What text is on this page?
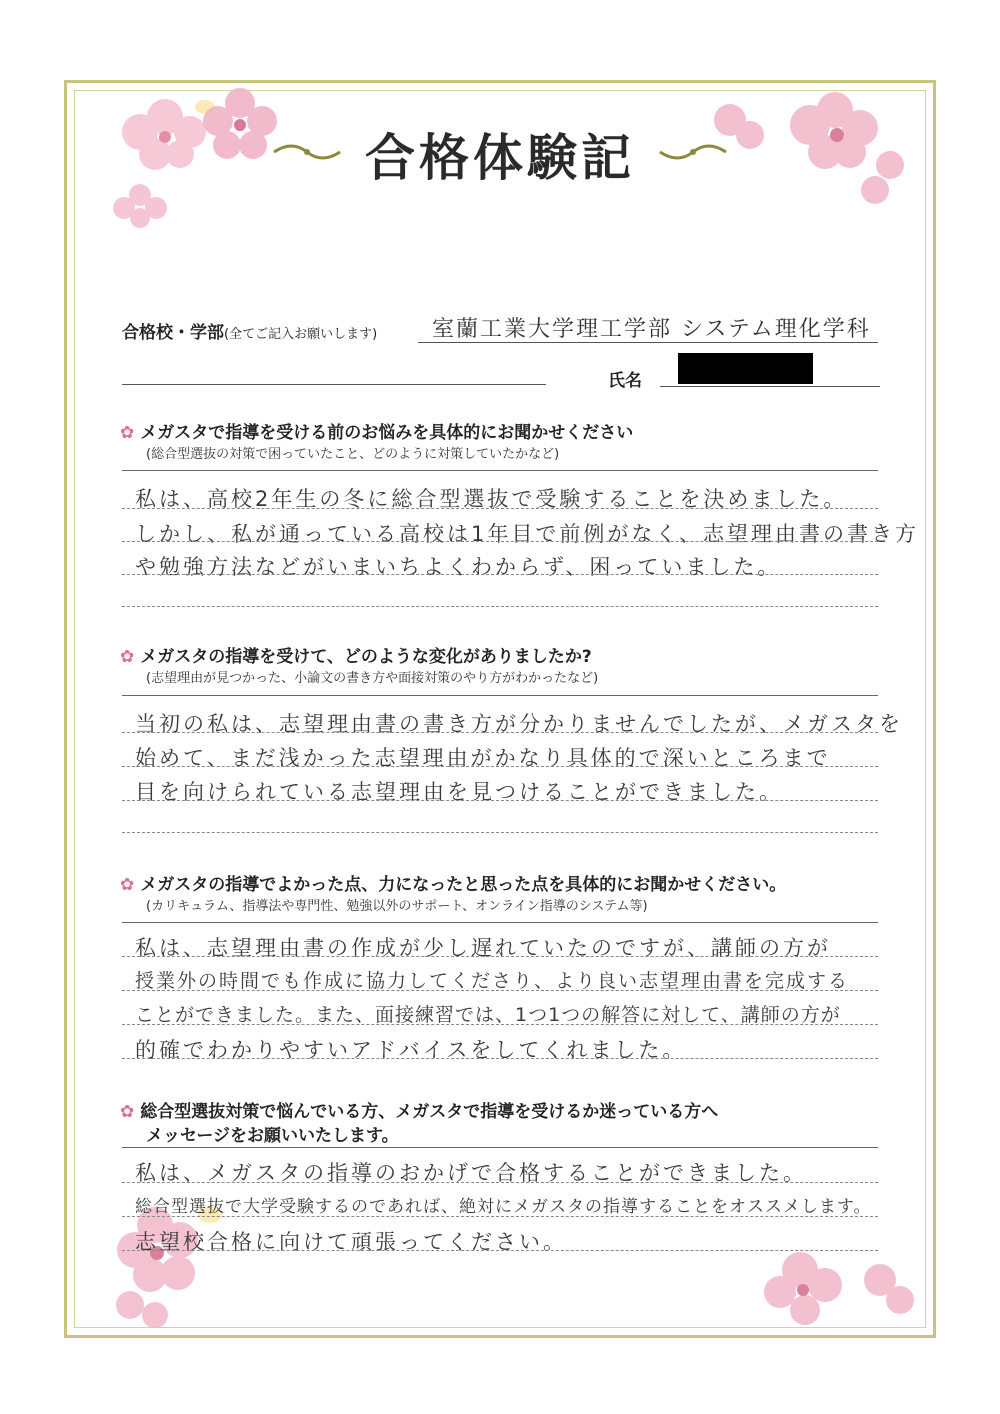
合格体験記
合格校・学部(全てご記入お願いします) 室蘭工業大学理工学部 システム理化学科
氏名
✿ メガスタで指導を受ける前のお悩みを具体的にお聞かせください
(総合型選抜の対策で困っていたこと、どのように対策していたかなど)
私は、高校2年生の冬に総合型選抜で受験することを決めました。
しかし、私が通っている高校は1年目で前例がなく、志望理由書の書き方
や勉強方法などがいまいちよくわからず、困っていました。
✿ メガスタの指導を受けて、どのような変化がありましたか?
(志望理由が見つかった、小論文の書き方や面接対策のやり方がわかったなど)
当初の私は、志望理由書の書き方が分かりませんでしたが、メガスタを
始めて、まだ浅かった志望理由がかなり具体的で深いところまで
目を向けられている志望理由を見つけることができました。
✿ メガスタの指導でよかった点、力になったと思った点を具体的にお聞かせください。
(カリキュラム、指導法や専門性、勉強以外のサポート、オンライン指導のシステム等)
私は、志望理由書の作成が少し遅れていたのですが、講師の方が
授業外の時間でも作成に協力してくださり、より良い志望理由書を完成する
ことができました。また、面接練習では、1つ1つの解答に対して、講師の方が
的確でわかりやすいアドバイスをしてくれました。
✿ 総合型選抜対策で悩んでいる方、メガスタで指導を受けるか迷っている方へ
メッセージをお願いいたします。
私は、メガスタの指導のおかげで合格することができました。
総合型選抜で大学受験するのであれば、絶対にメガスタの指導することをオススメします。
志望校合格に向けて頑張ってください。
